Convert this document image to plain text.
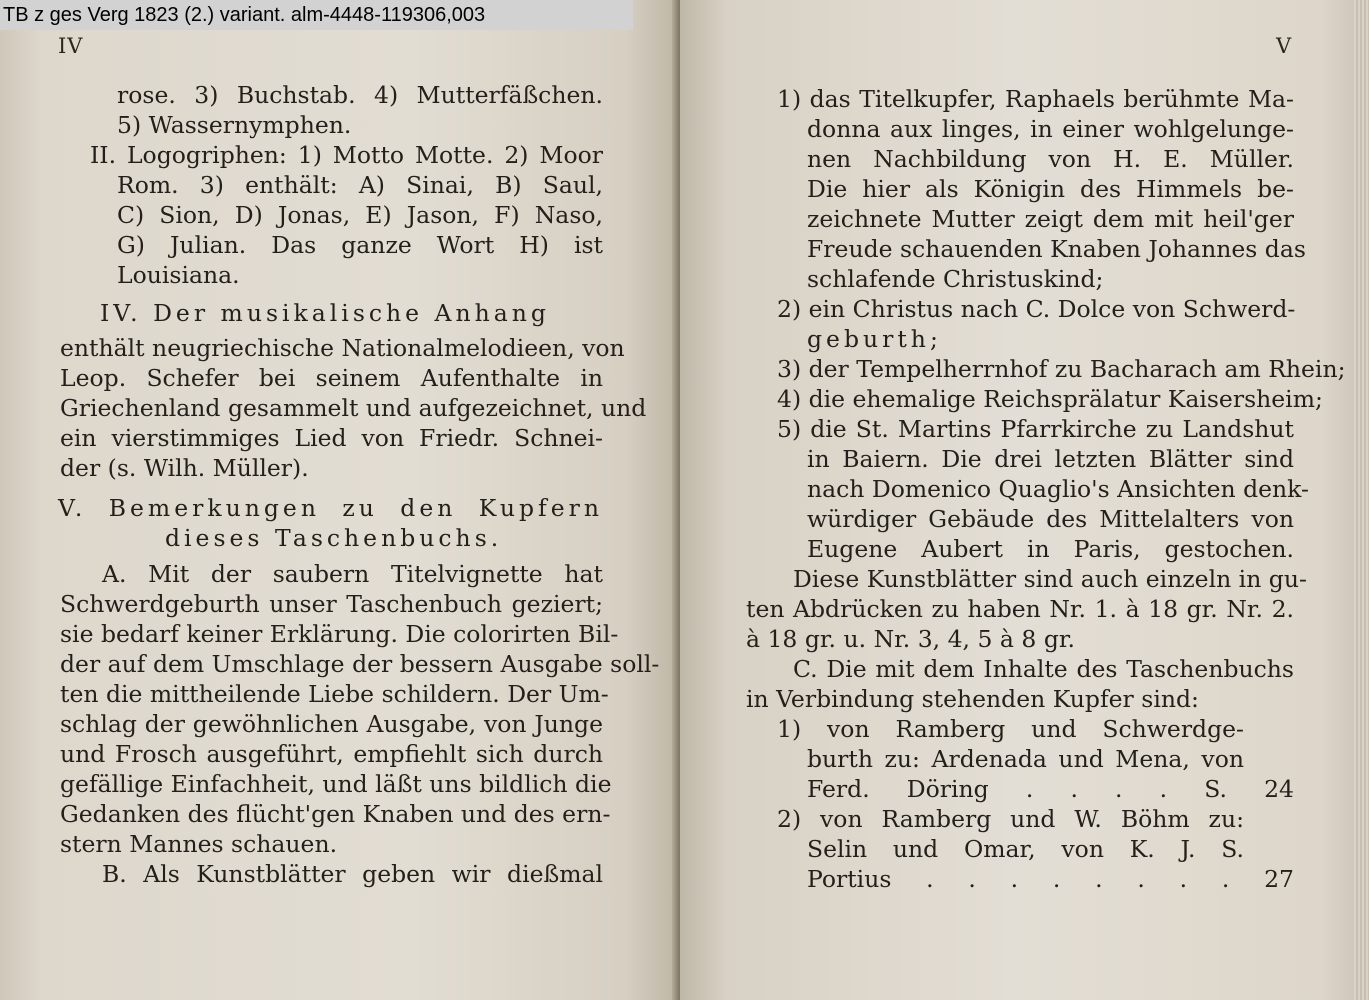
IV
rose. 3) Buchstab. 4) Mutterfäßchen.
5) Wassernymphen.
II. Logogriphen: 1) Motto Motte. 2) Moor
Rom. 3) enthält: A) Sinai, B) Saul,
C) Sion, D) Jonas, E) Jason, F) Naso,
G) Julian. Das ganze Wort H) ist
Louisiana.
IV. Der musikalische Anhang
enthält neugriechische Nationalmelodieen, von
Leop. Schefer bei seinem Aufenthalte in
Griechenland gesammelt und aufgezeichnet, und
ein vierstimmiges Lied von Friedr. Schnei-
der (s. Wilh. Müller).
V. Bemerkungen zu den Kupfern
dieses Taschenbuchs.
A. Mit der saubern Titelvignette hat
Schwerdgeburth unser Taschenbuch geziert;
sie bedarf keiner Erklärung. Die colorirten Bil-
der auf dem Umschlage der bessern Ausgabe soll-
ten die mittheilende Liebe schildern. Der Um-
schlag der gewöhnlichen Ausgabe, von Junge
und Frosch ausgeführt, empfiehlt sich durch
gefällige Einfachheit, und läßt uns bildlich die
Gedanken des flücht'gen Knaben und des ern-
stern Mannes schauen.
B. Als Kunstblätter geben wir dießmal
V
1) das Titelkupfer, Raphaels berühmte Ma-
donna aux linges, in einer wohlgelunge-
nen Nachbildung von H. E. Müller.
Die hier als Königin des Himmels be-
zeichnete Mutter zeigt dem mit heil'ger
Freude schauenden Knaben Johannes das
schlafende Christuskind;
2) ein Christus nach C. Dolce von Schwerd-
geburth;
3) der Tempelherrnhof zu Bacharach am Rhein;
4) die ehemalige Reichsprälatur Kaisersheim;
5) die St. Martins Pfarrkirche zu Landshut
in Baiern. Die drei letzten Blätter sind
nach Domenico Quaglio's Ansichten denk-
würdiger Gebäude des Mittelalters von
Eugene Aubert in Paris, gestochen.
Diese Kunstblätter sind auch einzeln in gu-
ten Abdrücken zu haben Nr. 1. à 18 gr. Nr. 2.
à 18 gr. u. Nr. 3, 4, 5 à 8 gr.
C. Die mit dem Inhalte des Taschenbuchs
in Verbindung stehenden Kupfer sind:
1) von Ramberg und Schwerdge-
burth zu: Ardenada und Mena, von
Ferd. Döring . . . . S. 24
2) von Ramberg und W. Böhm zu:
Selin und Omar, von K. J. S.
Portius . . . . . . . . 27
TB z ges Verg 1823 (2.) variant. alm-4448-119306,003
